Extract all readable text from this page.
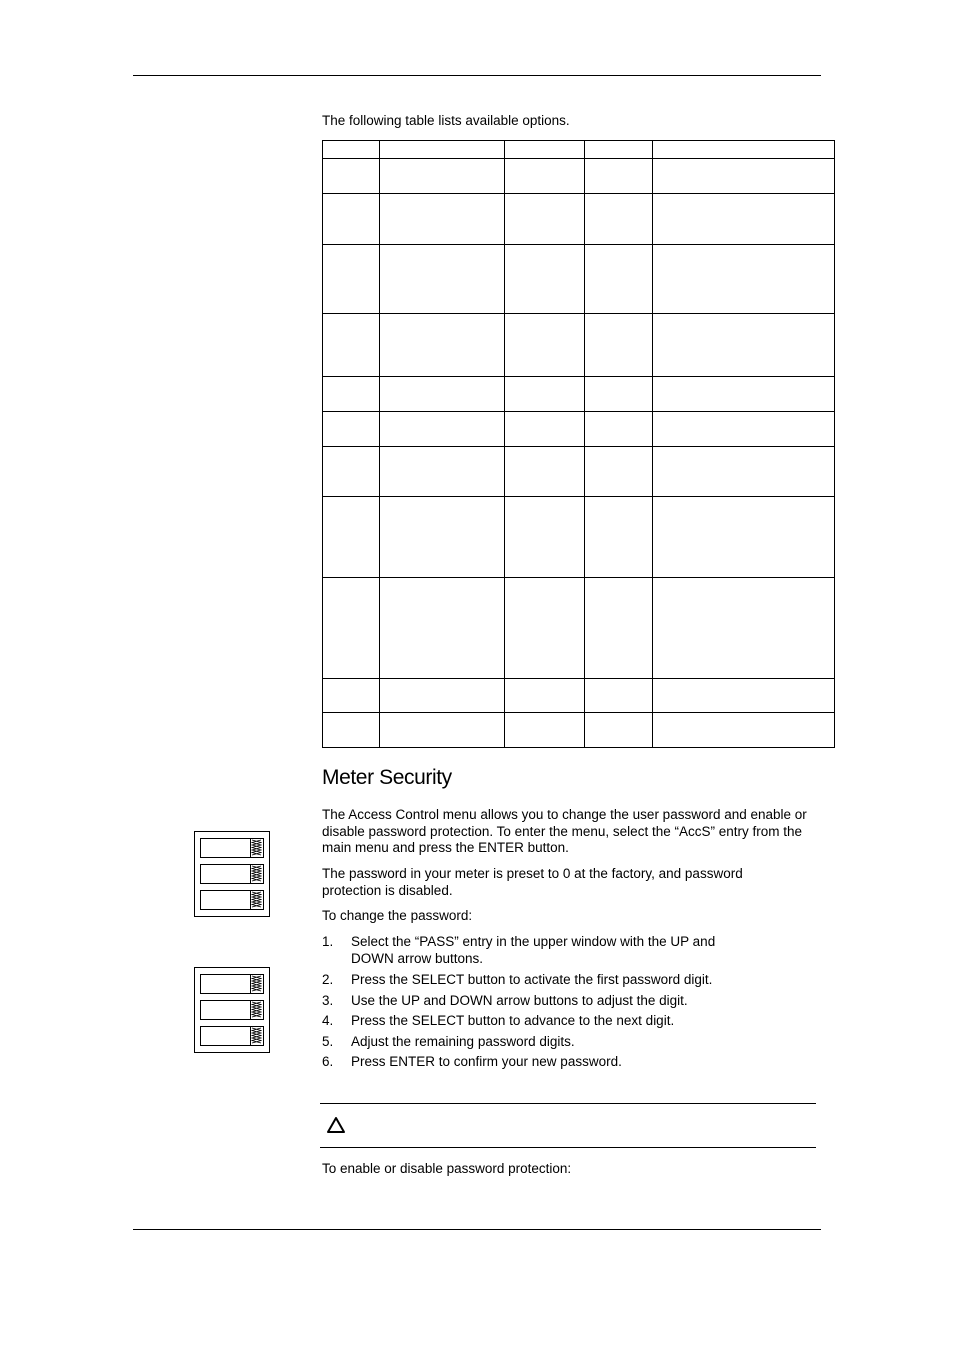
The following table lists available options.

Meter Security

The Access Control menu allows you to change the user password and enable or disable password protection. To enter the menu, select the “AccS” entry from the main menu and press the ENTER button.

The password in your meter is preset to 0 at the factory, and password protection is disabled.

To change the password:

1. Select the “PASS” entry in the upper window with the UP and DOWN arrow buttons.
2. Press the SELECT button to activate the first password digit.
3. Use the UP and DOWN arrow buttons to adjust the digit.
4. Press the SELECT button to advance to the next digit.
5. Adjust the remaining password digits.
6. Press ENTER to confirm your new password.

To enable or disable password protection:
